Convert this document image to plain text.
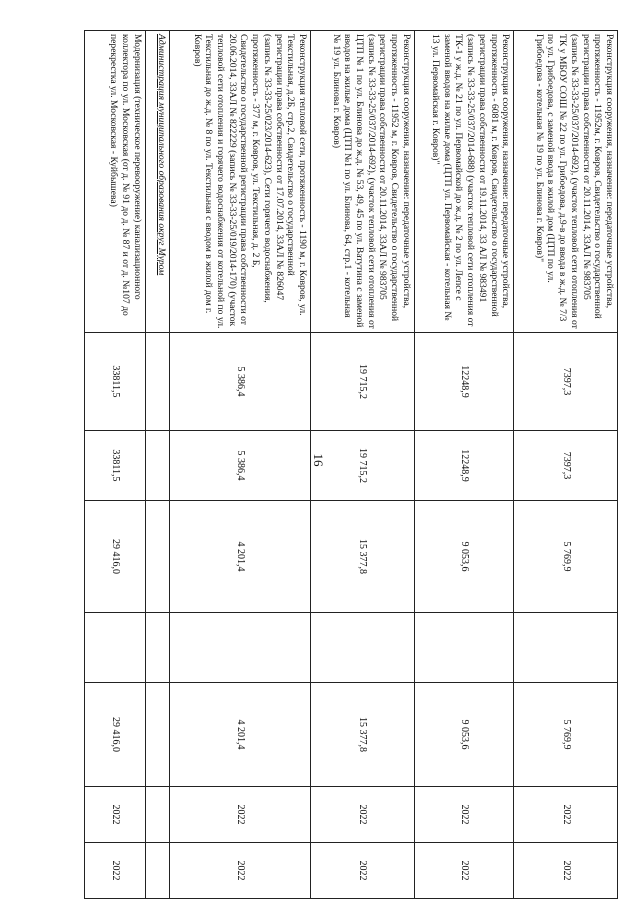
16
Реконструкция сооружения, назначение: передаточные устройства, протяженность - 11952м, г. Ковров, Свидетельство о государственной регистрации права собственности от 20.11.2014, 33АЛ № 983705 (запись № 33-33-25/037/2014-692), (участок тепловой сети отопления от ТК у МБОУ СОШ № 22 по ул. Грибоедова, д.9-в до ввода в ж.д. № 7/3 по ул. Грибоедова, с заменой ввода в жилой дом (ЦТП по ул. Грибоедова - котельная № 19 по ул. Блинова г. Ковров)"	7397,3	7397,3	5 769,9		5 769,9	2022	2022
Реконструкция сооружения, назначение: передаточные устройства, протяженность - 6081 м, г. Ковров, Свидетельство о государственной регистрации права собственности от 19.11.2014, 33 АЛ № 983491 (запись № 33-33-25/037/2014-688) (участок тепловой сети отопления от ТК-1 у ж.д. № 21 по ул. Первомайской до ж.д. № 2 по ул. Лепсе с заменой вводов на жилые дома (ЦТП ул. Первомайская - котельная № 13 ул. Первомайская г. Ковров)"	12248,9	12248,9	9 053,6		9 053,6	2022	2022
Реконструкция сооружения, назначение: передаточные устройства, протяженность - 11952 м, г. Ковров, Свидетельство о государственной регистрации права собственности от 20.11.2014, 33АЛ № 983705 (запись № 33-33-25/037/2014-692), (участок тепловой сети отопления от ЦТП № 1 по ул. Блинова до ж.д. № 53, 49, 45 по ул. Ватутина с заменой вводов на жилые дома (ЦТП №1 по ул. Блинова, 64, стр.1 - котельная № 19 ул. Блинова г. Ковров)	19 715,2	19 715,2	15 377,8		15 377,8	2022	2022
Реконструкция тепловой сети, протяженность - 1190 м, г. Ковров, ул. Текстильная, д.2Б, стр.2, Свидетельство о государственной регистрации права собственности от 17.07.2014, 33АЛ № 826047 (запись № 33-33-25/023/2014-623), Сети горячего водоснабжения, протяженность - 377 м, г. Ковров, ул. Текстильная, д. 2 Б, Свидетельство о государственной регистрации права собственности от 20.06.2014, 33АЛ № 822229 (запись № 33-33-25/019/2014-170) (участок тепловой сети отопления и горячего водоснабжения от котельной по ул. Текстильная до ж.д. № 8 по ул. Текстильная с вводом в жилой дом г. Ковров)	5 386,4	5 386,4	4 201,4		4 201,4	2022	2022
Администрация муниципального образования округ Муром							
Модернизация (техническое перевооружение) канализационного коллектора по ул. Московская (от д. № 91 до д. № 87 и от д. №107 до перекрестка ул. Московская - Куйбышева)	33811,5	33811,5	29 416,0		29 416,0	2022	2022
